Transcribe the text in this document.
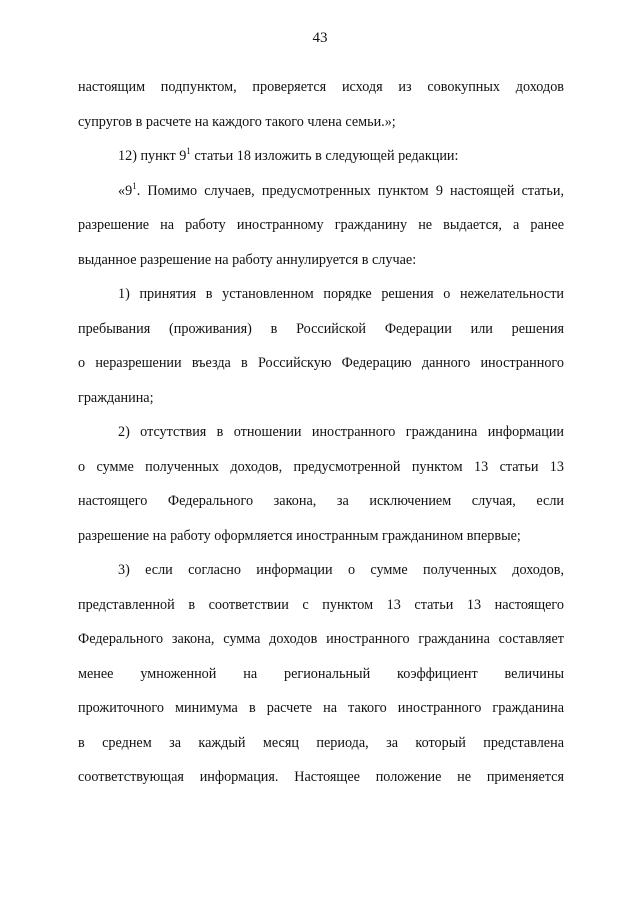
43
настоящим подпунктом, проверяется исходя из совокупных доходов
супругов в расчете на каждого такого члена семьи.»;
12) пункт $9^1$ статьи 18 изложить в следующей редакции:
«$9^1$. Помимо случаев, предусмотренных пунктом 9 настоящей статьи,
разрешение на работу иностранному гражданину не выдается, а ранее
выданное разрешение на работу аннулируется в случае:
1) принятия в установленном порядке решения о нежелательности
пребывания (проживания) в Российской Федерации или решения
о неразрешении въезда в Российскую Федерацию данного иностранного
гражданина;
2) отсутствия в отношении иностранного гражданина информации
о сумме полученных доходов, предусмотренной пунктом 13 статьи 13
настоящего Федерального закона, за исключением случая, если
разрешение на работу оформляется иностранным гражданином впервые;
3) если согласно информации о сумме полученных доходов,
представленной в соответствии с пунктом 13 статьи 13 настоящего
Федерального закона, сумма доходов иностранного гражданина составляет
менее умноженной на региональный коэффициент величины
прожиточного минимума в расчете на такого иностранного гражданина
в среднем за каждый месяц периода, за который представлена
соответствующая информация. Настоящее положение не применяется
